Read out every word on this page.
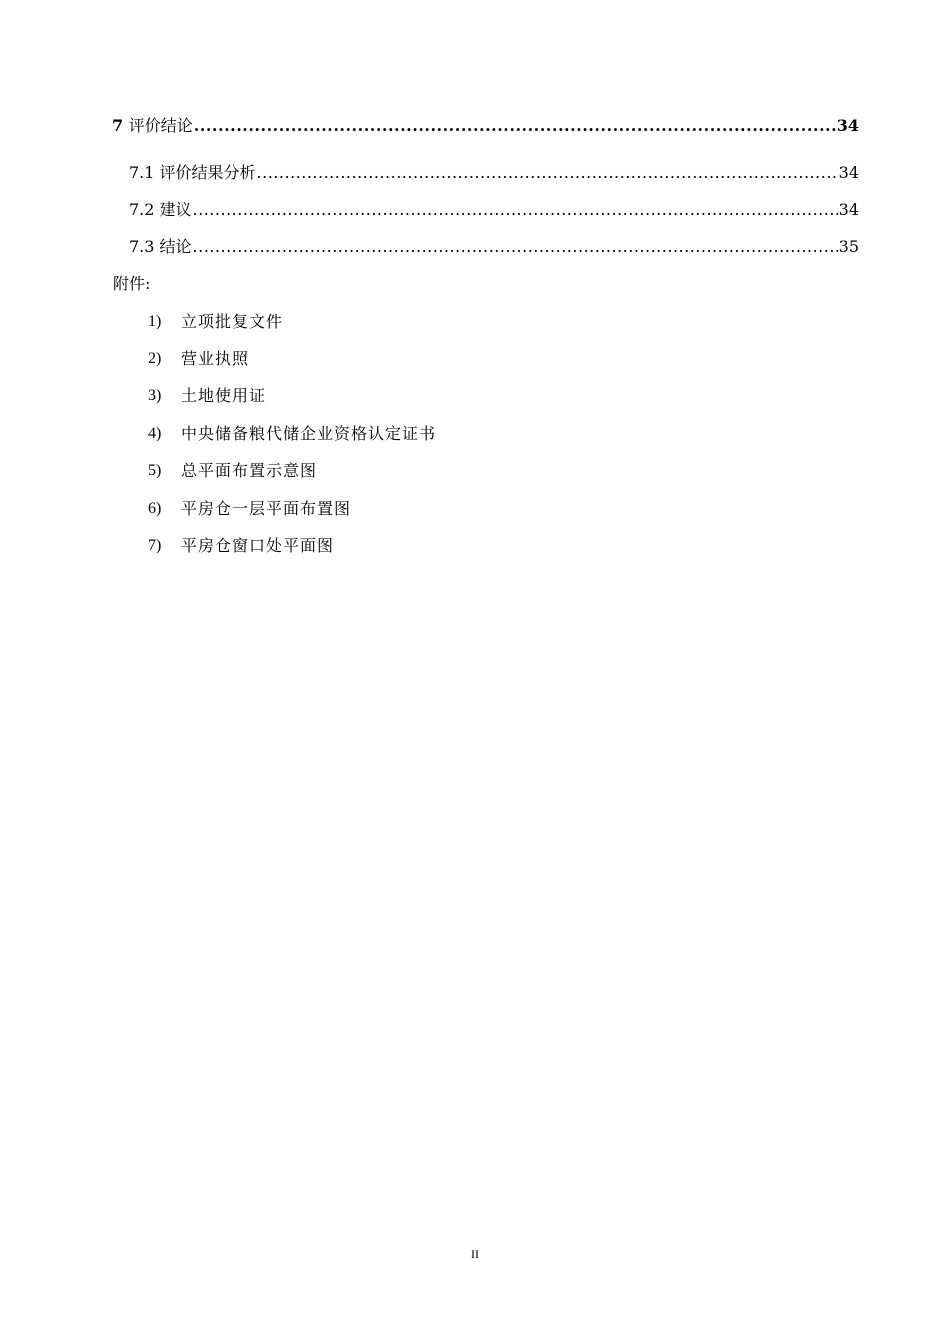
7 评价结论 .....	34
7.1 评价结果分析 .....	34
7.2 建议 .....	34
7.3 结论 .....	35
附件:
1)	立项批复文件
2)	营业执照
3)	土地使用证
4)	中央储备粮代储企业资格认定证书
5)	总平面布置示意图
6)	平房仓一层平面布置图
7)	平房仓窗口处平面图
II
